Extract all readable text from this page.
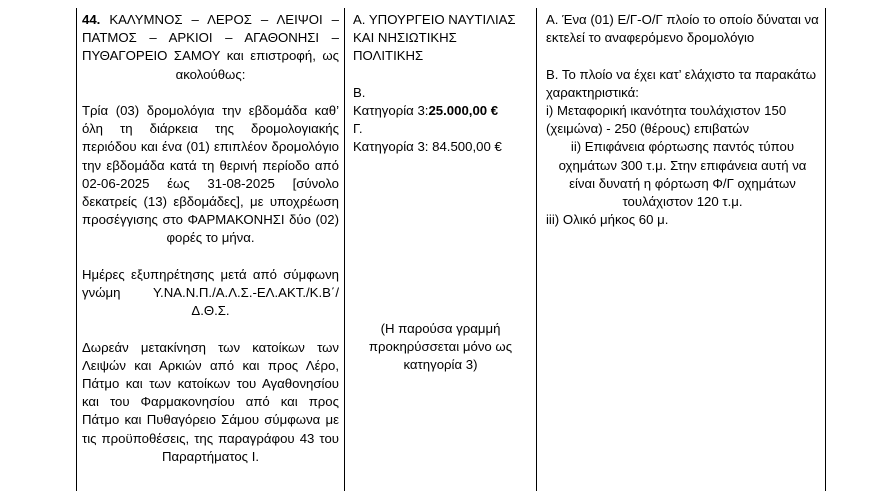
44. ΚΑΛΥΜΝΟΣ – ΛΕΡΟΣ – ΛΕΙΨΟΙ – ΠΑΤΜΟΣ – ΑΡΚΙΟΙ – ΑΓΑΘΟΝΗΣΙ – ΠΥΘΑΓΟΡΕΙΟ ΣΑΜΟΥ και επιστροφή, ως ακολούθως:

Τρία (03) δρομολόγια την εβδομάδα καθ’ όλη τη διάρκεια της δρομολογιακής περιόδου και ένα (01) επιπλέον δρομολόγιο την εβδομάδα κατά τη θερινή περίοδο από 02-06-2025 έως 31-08-2025 [σύνολο δεκατρείς (13) εβδομάδες], με υποχρέωση προσέγγισης στο ΦΑΡΜΑΚΟΝΗΣΙ δύο (02) φορές το μήνα.

Ημέρες εξυπηρέτησης μετά από σύμφωνη γνώμη Υ.ΝΑ.Ν.Π./Α.Λ.Σ.-ΕΛ.ΑΚΤ./Κ.Β΄/Δ.Θ.Σ.

Δωρεάν μετακίνηση των κατοίκων των Λειψών και Αρκιών από και προς Λέρο, Πάτμο και των κατοίκων του Αγαθονησίου και του Φαρμακονησίου από και προς Πάτμο και Πυθαγόρειο Σάμου σύμφωνα με τις προϋποθέσεις, της παραγράφου 43 του Παραρτήματος Ι.

Α. ΥΠΟΥΡΓΕΙΟ ΝΑΥΤΙΛΙΑΣ ΚΑΙ ΝΗΣΙΩΤΙΚΗΣ ΠΟΛΙΤΙΚΗΣ

Β.

Κατηγορία 3:25.000,00 €

Γ.

Κατηγορία 3: 84.500,00 €

(Η παρούσα γραμμή προκηρύσσεται μόνο ως κατηγορία 3)

Α. Ένα (01) Ε/Γ-Ο/Γ πλοίο το οποίο δύναται να εκτελεί το αναφερόμενο δρομολόγιο

Β. Το πλοίο να έχει κατ’ ελάχιστο τα παρακάτω χαρακτηριστικά:

i) Μεταφορική ικανότητα τουλάχιστον 150 (χειμώνα) - 250 (θέρους) επιβατών

ii) Επιφάνεια φόρτωσης παντός τύπου οχημάτων 300 τ.μ. Στην επιφάνεια αυτή να είναι δυνατή η φόρτωση Φ/Γ οχημάτων τουλάχιστον 120 τ.μ.

iii) Ολικό μήκος 60 μ.
